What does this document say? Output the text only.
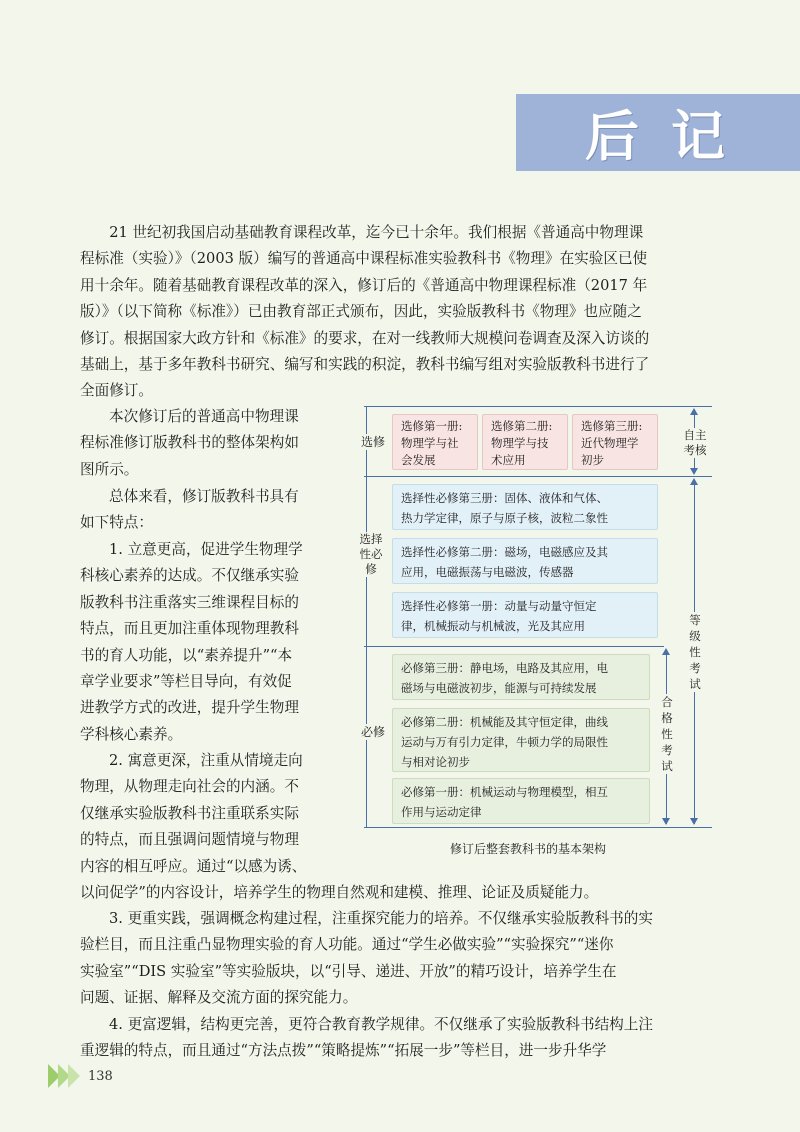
后记
21 世纪初我国启动基础教育课程改革，迄今已十余年。我们根据《普通高中物理课
程标准（实验）》（2003 版）编写的普通高中课程标准实验教科书《物理》在实验区已使
用十余年。随着基础教育课程改革的深入，修订后的《普通高中物理课程标准（2017 年
版）》（以下简称《标准》）已由教育部正式颁布，因此，实验版教科书《物理》也应随之
修订。根据国家大政方针和《标准》的要求，在对一线教师大规模问卷调查及深入访谈的
基础上，基于多年教科书研究、编写和实践的积淀，教科书编写组对实验版教科书进行了
全面修订。
本次修订后的普通高中物理课
程标准修订版教科书的整体架构如
图所示。
总体来看，修订版教科书具有
如下特点：
1. 立意更高，促进学生物理学
科核心素养的达成。不仅继承实验
版教科书注重落实三维课程目标的
特点，而且更加注重体现物理教科
书的育人功能，以“素养提升”“本
章学业要求”等栏目导向，有效促
进教学方式的改进，提升学生物理
学科核心素养。
2. 寓意更深，注重从情境走向
物理，从物理走向社会的内涵。不
仅继承实验版教科书注重联系实际
的特点，而且强调问题情境与物理
内容的相互呼应。通过“以感为诱、
以问促学”的内容设计，培养学生的物理自然观和建模、推理、论证及质疑能力。
3. 更重实践，强调概念构建过程，注重探究能力的培养。不仅继承实验版教科书的实
验栏目，而且注重凸显物理实验的育人功能。通过“学生必做实验”“实验探究”“迷你
实验室”“DIS 实验室”等实验版块，以“引导、递进、开放”的精巧设计，培养学生在
问题、证据、解释及交流方面的探究能力。
4. 更富逻辑，结构更完善，更符合教育教学规律。不仅继承了实验版教科书结构上注
重逻辑的特点，而且通过“方法点拨”“策略提炼”“拓展一步”等栏目，进一步升华学
选修
选择
性必
修
必修
选修第一册:
物理学与社
会发展
选修第二册:
物理学与技
术应用
选修第三册:
近代物理学
初步
选择性必修第三册：固体、液体和气体、
热力学定律，原子与原子核，波粒二象性
选择性必修第二册：磁场，电磁感应及其
应用，电磁振荡与电磁波，传感器
选择性必修第一册：动量与动量守恒定
律，机械振动与机械波，光及其应用
必修第三册：静电场，电路及其应用，电
磁场与电磁波初步，能源与可持续发展
必修第二册：机械能及其守恒定律，曲线
运动与万有引力定律，牛顿力学的局限性
与相对论初步
必修第一册：机械运动与物理模型，相互
作用与运动定律
自主
考核
等
级
性
考
试
合
格
性
考
试
修订后整套教科书的基本架构
138
